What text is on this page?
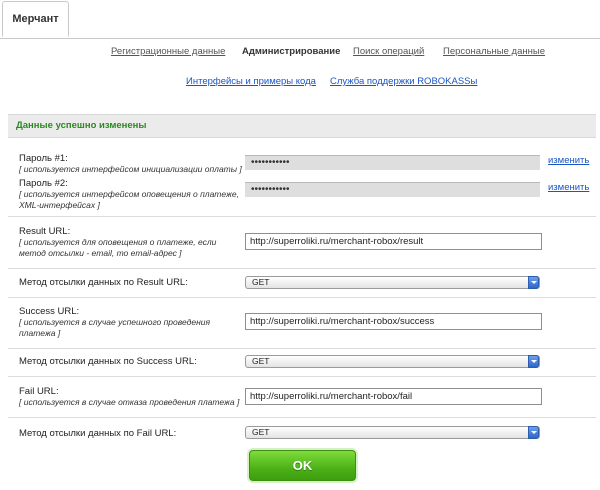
Мерчант
Регистрационные данные Администрирование Поиск операций Персональные данные
Интерфейсы и примеры кода Служба поддержки ROBOKASSы
Данные успешно изменены
Пароль #1:
[ используется интерфейсом инициализации оплаты ]
•••••••••••	изменить
Пароль #2:
[ используется интерфейсом оповещения о платеже, XML-интерфейсах ]
•••••••••••	изменить
Result URL:
[ используется для оповещения о платеже, если метод отсылки - email, то email-адрес ]
http://superroliki.ru/merchant-robox/result
Метод отсылки данных по Result URL:	GET
Success URL:
[ используется в случае успешного проведения платежа ]
http://superroliki.ru/merchant-robox/success
Метод отсылки данных по Success URL:	GET
Fail URL:
[ используется в случае отказа проведения платежа ]	http://superroliki.ru/merchant-robox/fail
Метод отсылки данных по Fail URL:	GET
OK
